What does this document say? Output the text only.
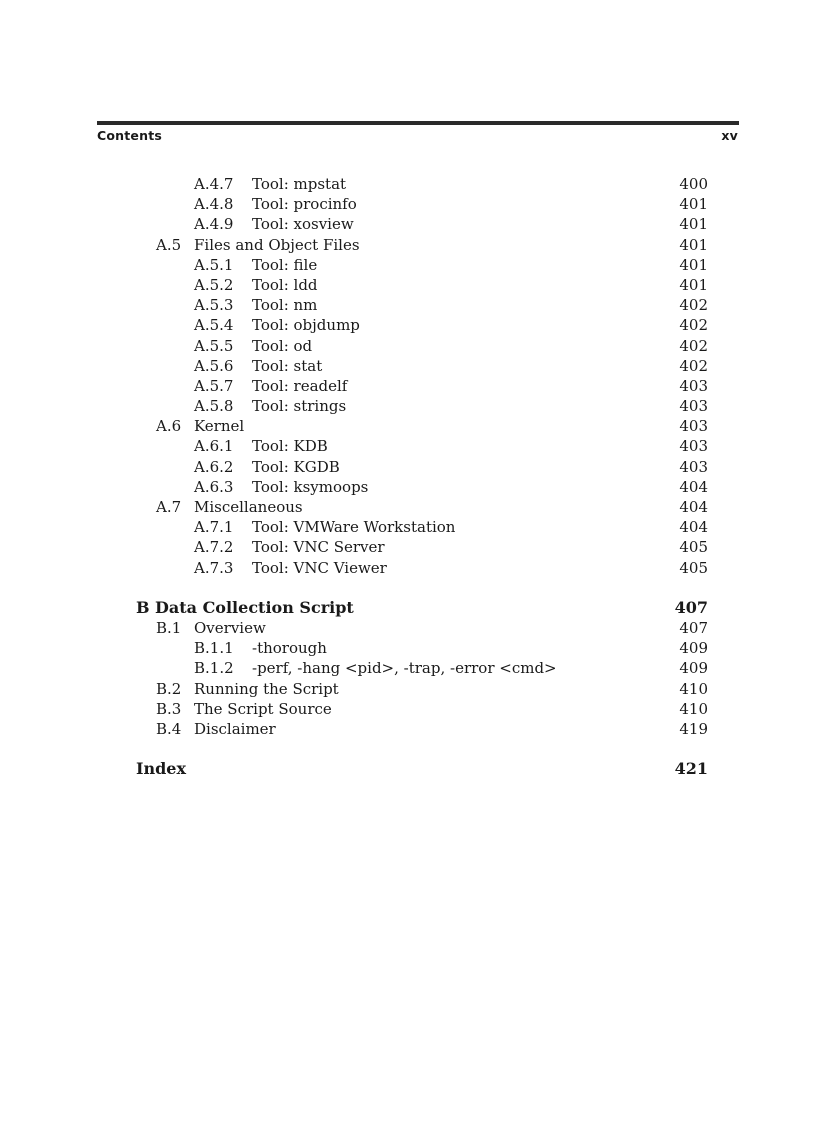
Contents	xv
A.4.7 Tool: mpstat	400
A.4.8 Tool: procinfo	401
A.4.9 Tool: xosview	401
A.5 Files and Object Files	401
A.5.1 Tool: file	401
A.5.2 Tool: ldd	401
A.5.3 Tool: nm	402
A.5.4 Tool: objdump	402
A.5.5 Tool: od	402
A.5.6 Tool: stat	402
A.5.7 Tool: readelf	403
A.5.8 Tool: strings	403
A.6 Kernel	403
A.6.1 Tool: KDB	403
A.6.2 Tool: KGDB	403
A.6.3 Tool: ksymoops	404
A.7 Miscellaneous	404
A.7.1 Tool: VMWare Workstation	404
A.7.2 Tool: VNC Server	405
A.7.3 Tool: VNC Viewer	405
B Data Collection Script	407
B.1 Overview	407
B.1.1 -thorough	409
B.1.2 -perf, -hang <pid>, -trap, -error <cmd>	409
B.2 Running the Script	410
B.3 The Script Source	410
B.4 Disclaimer	419
Index	421
